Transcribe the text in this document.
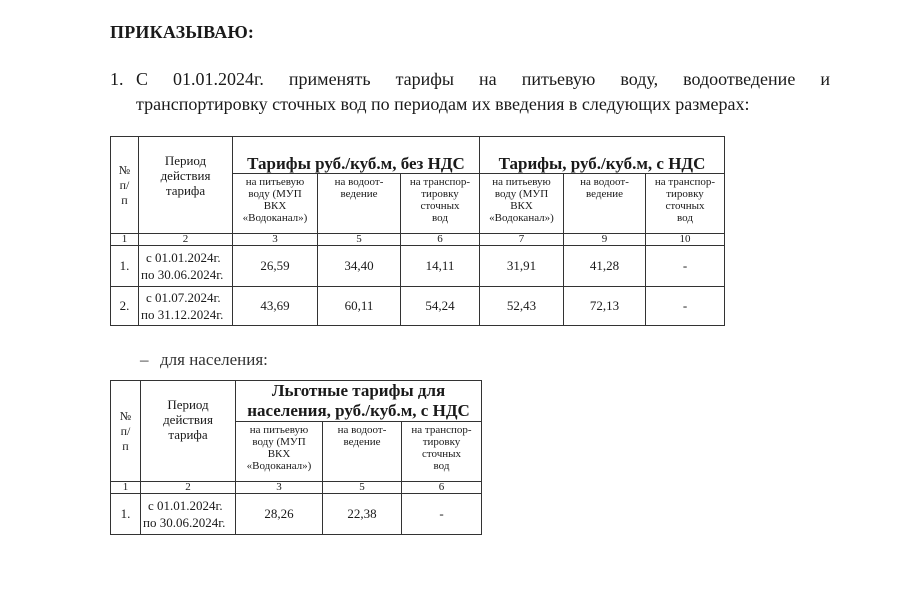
ПРИКАЗЫВАЮ:
1. С 01.01.2024г. применять тарифы на питьевую воду, водоотведение и
транспортировку сточных вод по периодам их введения в следующих размерах:
№
п/
п	Период
действия
тарифа	Тарифы руб./куб.м, без НДС			Тарифы, руб./куб.м, с НДС		
		на питьевую
воду (МУП
ВКХ
«Водоканал»)	на водоот-
ведение	на транспор-
тировку
сточных
вод	на питьевую
воду (МУП
ВКХ
«Водоканал»)	на водоот-
ведение	на транспор-
тировку
сточных
вод
1	2	3	5	6	7	9	10
1.	с 01.01.2024г.
по 30.06.2024г.	26,59	34,40	14,11	31,91	41,28	-
2.	с 01.07.2024г.
по 31.12.2024г.	43,69	60,11	54,24	52,43	72,13	-
– для населения:
№
п/
п	Период
действия
тарифа	Льготные тарифы для
населения, руб./куб.м, с НДС		
		на питьевую
воду (МУП
ВКХ
«Водоканал»)	на водоот-
ведение	на транспор-
тировку
сточных
вод
1	2	3	5	6
1.	с 01.01.2024г.
по 30.06.2024г.	28,26	22,38	-
